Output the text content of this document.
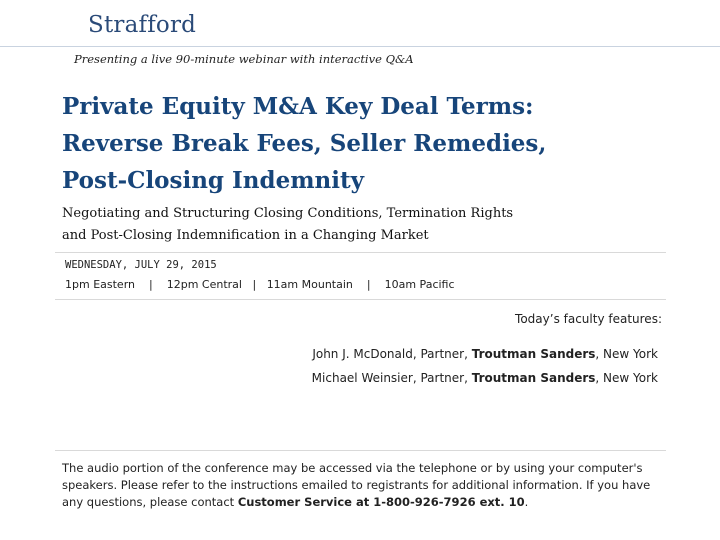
Strafford
Presenting a live 90-minute webinar with interactive Q&A
Private Equity M&A Key Deal Terms:
Reverse Break Fees, Seller Remedies,
Post-Closing Indemnity
Negotiating and Structuring Closing Conditions, Termination Rights
and Post-Closing Indemnification in a Changing Market
WEDNESDAY, JULY 29, 2015
1pm Eastern | 12pm Central | 11am Mountain | 10am Pacific
Today’s faculty features:
John J. McDonald, Partner, Troutman Sanders, New York
Michael Weinsier, Partner, Troutman Sanders, New York
The audio portion of the conference may be accessed via the telephone or by using your computer's speakers. Please refer to the instructions emailed to registrants for additional information. If you have any questions, please contact Customer Service at 1-800-926-7926 ext. 10.
